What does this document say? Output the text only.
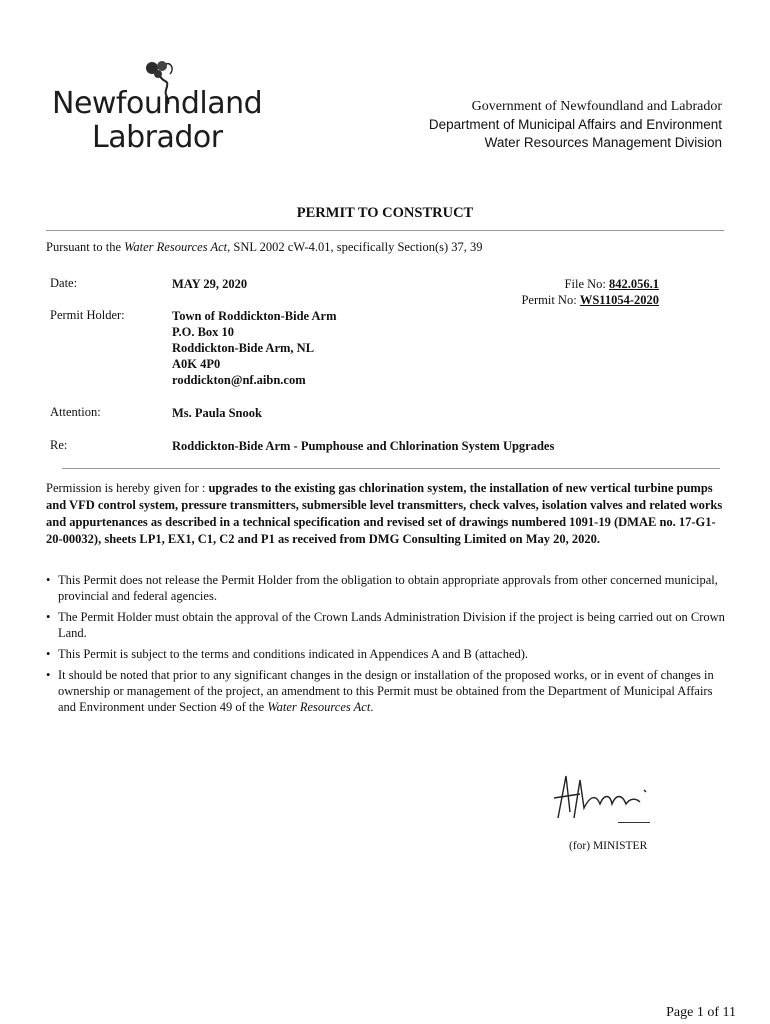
Newfoundland
Labrador
Government of Newfoundland and Labrador
Department of Municipal Affairs and Environment
Water Resources Management Division
PERMIT TO CONSTRUCT
Pursuant to the Water Resources Act, SNL 2002 cW-4.01, specifically Section(s) 37, 39
Date:	MAY 29, 2020	File No: 842.056.1
Permit No: WS11054-2020
Permit Holder:	Town of Roddickton-Bide Arm
P.O. Box 10
Roddickton-Bide Arm, NL
A0K 4P0
roddickton@nf.aibn.com
Attention:	Ms. Paula Snook
Re:	Roddickton-Bide Arm - Pumphouse and Chlorination System Upgrades
Permission is hereby given for : upgrades to the existing gas chlorination system, the installation of new vertical turbine pumps and VFD control system, pressure transmitters, submersible level transmitters, check valves, isolation valves and related works and appurtenances as described in a technical specification and revised set of drawings numbered 1091-19 (DMAE no. 17-G1-20-00032), sheets LP1, EX1, C1, C2 and P1 as received from DMG Consulting Limited on May 20, 2020.
• This Permit does not release the Permit Holder from the obligation to obtain appropriate approvals from other concerned municipal, provincial and federal agencies.
• The Permit Holder must obtain the approval of the Crown Lands Administration Division if the project is being carried out on Crown Land.
• This Permit is subject to the terms and conditions indicated in Appendices A and B (attached).
• It should be noted that prior to any significant changes in the design or installation of the proposed works, or in event of changes in ownership or management of the project, an amendment to this Permit must be obtained from the Department of Municipal Affairs and Environment under Section 49 of the Water Resources Act.
(for) MINISTER
Page 1 of 11
